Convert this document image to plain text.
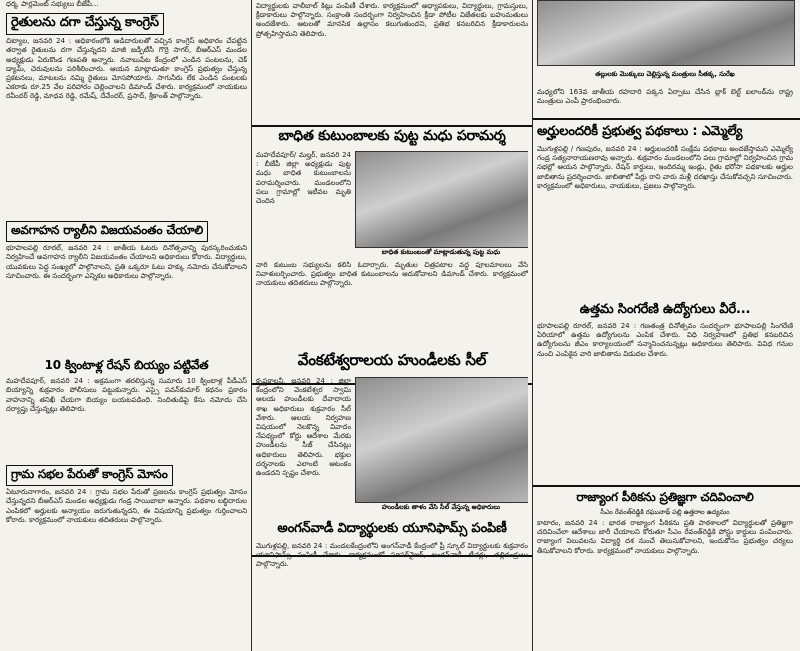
ధర్మ, పార్లమెంట్ సభ్యులు బీజేపీ...

రైతులను దగా చేస్తున్న కాంగ్రెస్

చిట్యాల, జనవరి 24 : అధికారంలోకి అడిదారులతో వచ్చిన కాంగ్రెస్ అధికారం చేపట్టిన తర్వాత రైతులను దగా చేస్తున్నదని మాజీ జడ్పీటీసీ గొర్రె సాగర్, బీఆర్ఎస్ మండల అధ్యక్షుడు ఏరుకొండ గణపతి అన్నారు. నవాబుపేట కేంద్రంలో ఎండిన పంటలను, చెక్ డ్యామ్, చెరువులను పరిశీలించారు. ఆయన మాట్లాడుతూ కాంగ్రెస్ ప్రభుత్వం చేస్తున్న ప్రకటనలు, మాటలను నమ్మి రైతులు మోసపోయారు. సాగునీరు లేక ఎండిన పంటలకు ఎకరాకు రూ.25 వేల పరిహారం చెల్లించాలని డిమాండ్ చేశారు. కార్యక్రమంలో నాయకులు రవీందర్ రెడ్డి, మాధవ రెడ్డి, రమేష్, దేవేందర్, ప్రసాద్, శ్రీకాంత్ పాల్గొన్నారు.

అవగాహన ర్యాలీని విజయవంతం చేయాలి

భూపాలపల్లి రూరల్, జనవరి 24 : జాతీయ ఓటరు దినోత్సవాన్ని పురస్కరించుకుని నిర్వహించే అవగాహన ర్యాలీని విజయవంతం చేయాలని అధికారులు కోరారు. విద్యార్థులు, యువకులు పెద్ద సంఖ్యలో పాల్గొనాలని, ప్రతి ఒక్కరూ ఓటు హక్కు నమోదు చేసుకోవాలని సూచించారు. ఈ సందర్భంగా ఎన్నికల అధికారులు పాల్గొన్నారు.

10 క్వింటాళ్ల రేషన్ బియ్యం పట్టివేత

మహదేవపూర్, జనవరి 24 : అక్రమంగా తరలిస్తున్న సుమారు 10 క్వింటాళ్ల పీడీఎస్ బియ్యాన్ని శుక్రవారం పోలీసులు పట్టుకున్నారు. ఎస్సై పవన్‌కుమార్ కథనం ప్రకారం వాహనాన్ని తనిఖీ చేయగా బియ్యం బయటపడింది. నిందితుడిపై కేసు నమోదు చేసి దర్యాప్తు చేస్తున్నట్లు తెలిపారు.

గ్రామ సభల పేరుతో కాంగ్రెస్ మోసం

ఏటూరునాగారం, జనవరి 24 : గ్రామ సభల పేరుతో ప్రజలను కాంగ్రెస్ ప్రభుత్వం మోసం చేస్తున్నదని బీఆర్ఎస్ మండల అధ్యక్షుడు గండ్ర సాయిబాబా అన్నారు. పథకాల లబ్ధిదారుల ఎంపికలో అర్హులకు అన్యాయం జరుగుతున్నదని, ఈ విషయాన్ని ప్రభుత్వం గుర్తించాలని కోరారు. కార్యక్రమంలో నాయకులు తదితరులు పాల్గొన్నారు.

విద్యార్థులకు వాలీబాల్ కిట్లు పంపిణీ చేశారు. కార్యక్రమంలో అధ్యాపకులు, విద్యార్థులు, గ్రామస్తులు, క్రీడాకారులు పాల్గొన్నారు. సంక్రాంతి సందర్భంగా నిర్వహించిన క్రీడా పోటీల విజేతలకు బహుమతులు అందజేశారు. ఆటలతో మానసిక ఉల్లాసం కలుగుతుందని, ప్రతిభ కనబరిచిన క్రీడాకారులను ప్రోత్సహిస్తామని తెలిపారు.

బాధిత కుటుంబాలకు పుట్ట మధు పరామర్శ

మహదేవపూర్/ మల్హర్, జనవరి 24 : బీజేపీ జిల్లా అధ్యక్షుడు పుట్ట మధు బాధిత కుటుంబాలను పరామర్శించారు. మండలంలోని పలు గ్రామాల్లో ఇటీవల మృతి చెందిన

బాధిత కుటుంబంతో మాట్లాడుతున్న పుట్ట మధు

వారి కుటుంబ సభ్యులను కలిసి ఓదార్చారు. మృతుల చిత్రపటాల వద్ద పూలమాలలు వేసి నివాళులర్పించారు. ప్రభుత్వం బాధిత కుటుంబాలను ఆదుకోవాలని డిమాండ్ చేశారు. కార్యక్రమంలో నాయకులు తదితరులు పాల్గొన్నారు.

వేంకటేశ్వరాలయ హుండీలకు సీల్

కృష్ణకాలనీ, జనవరి 24 : జిల్లా కేంద్రంలోని వెంకటేశ్వర స్వామి ఆలయ హుండీలకు దేవాదాయ శాఖ అధికారులు శుక్రవారం సీల్ వేశారు. ఆలయ నిర్వహణ విషయంలో నెలకొన్న వివాదం నేపథ్యంలో కోర్టు ఆదేశాల మేరకు హుండీలను సీజ్ చేసినట్లు అధికారులు తెలిపారు. భక్తుల దర్శనాలకు ఎలాంటి ఆటంకం ఉండదని స్పష్టం చేశారు.

హుండీలకు తాళం వేసి సీల్ వేస్తున్న అధికారులు
అంగన్‌వాడీ విద్యార్థులకు యూనిఫామ్స్ పంపిణీ

మొగుళ్లపల్లి, జనవరి 24 : మండలకేంద్రంలోని అంగన్‌వాడీ కేంద్రంలో ప్రీ స్కూల్ విద్యార్థులకు శుక్రవారం యూనిఫామ్స్ పంపిణీ చేశారు. కార్యక్రమంలో సూపర్‌వైజర్, అంగన్‌వాడీ టీచర్లు, తల్లిదండ్రులు పాల్గొన్నారు.

తల్లులకు మొక్కులు చెల్లిస్తున్న మంత్రులు సీతక్క, సురేఖ

మధ్యలోని 163వ జాతీయ రహదారి పక్కన ఏర్పాటు చేసిన బ్లాక్ బెల్ట్ ఐలాండ్‌ను రాష్ట్ర మంత్రులు ఎంపీ ప్రారంభించారు.

అర్హులందరికీ ప్రభుత్వ పథకాలు : ఎమ్మెల్యే

మొగుళ్లపల్లి / గణపురం, జనవరి 24 : అర్హులందరికీ సంక్షేమ పథకాలు అందజేస్తామని ఎమ్మెల్యే గండ్ర సత్యనారాయణరావు అన్నారు. శుక్రవారం మండలంలోని పలు గ్రామాల్లో నిర్వహించిన గ్రామ సభల్లో ఆయన పాల్గొన్నారు. రేషన్ కార్డులు, ఇందిరమ్మ ఇండ్లు, రైతు భరోసా పథకాలకు అర్హుల జాబితాను ప్రదర్శించారు. జాబితాలో పేర్లు రాని వారు మళ్లీ దరఖాస్తు చేసుకోవచ్చని సూచించారు. కార్యక్రమంలో అధికారులు, నాయకులు, ప్రజలు పాల్గొన్నారు.

ఉత్తమ సింగరేణి ఉద్యోగులు వీరే...

భూపాలపల్లి రూరల్, జనవరి 24 : గణతంత్ర దినోత్సవం సందర్భంగా భూపాలపల్లి సింగరేణి ఏరియాలో ఉత్తమ ఉద్యోగులను ఎంపిక చేశారు. విధి నిర్వహణలో ప్రతిభ కనబరిచిన ఉద్యోగులను జీఎం కార్యాలయంలో సన్మానించనున్నట్లు అధికారులు తెలిపారు. వివిధ గనుల నుంచి ఎంపికైన వారి జాబితాను విడుదల చేశారు.

రాజ్యాంగ పీఠికను ప్రతిజ్ఞగా చదివించాలి
సీఎం రేవంత్‌రెడ్డికి రఘునాథ్ పల్లి ఉత్తరాల ఉద్యమం

కాటారం, జనవరి 24 : భారత రాజ్యాంగ పీఠికను ప్రతి పాఠశాలలో విద్యార్థులతో ప్రతిజ్ఞగా చదివించేలా ఆదేశాలు జారీ చేయాలని కోరుతూ సీఎం రేవంత్‌రెడ్డికి పోస్టు కార్డులు పంపించారు. రాజ్యాంగ విలువలను విద్యార్థి దశ నుంచే తెలుసుకోవాలని, ఇందుకోసం ప్రభుత్వం చర్యలు తీసుకోవాలని కోరారు. కార్యక్రమంలో నాయకులు పాల్గొన్నారు.
